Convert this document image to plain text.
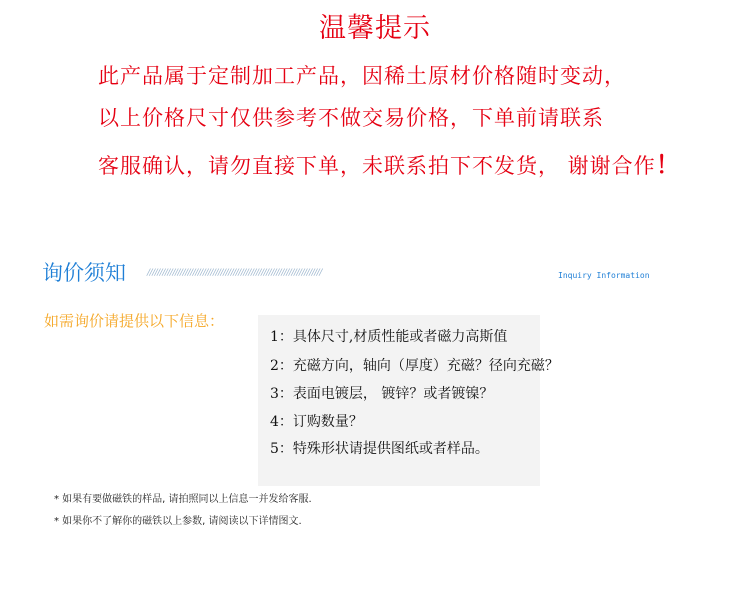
温馨提示
此产品属于定制加工产品，因稀土原材价格随时变动，
以上价格尺寸仅供参考不做交易价格，下单前请联系
客服确认，请勿直接下单，未联系拍下不发货， 谢谢合作！
询价须知 /////////////////////////////////////////////////////////////////////	Inquiry Information
如需询价请提供以下信息：
1：具体尺寸,材质性能或者磁力高斯值
2：充磁方向，轴向（厚度）充磁？径向充磁？
3：表面电镀层， 镀锌？或者镀镍？
4：订购数量？
5：特殊形状请提供图纸或者样品。
* 如果有要做磁铁的样品, 请拍照同以上信息一并发给客服.
* 如果你不了解你的磁铁以上参数, 请阅读以下详情图文.
